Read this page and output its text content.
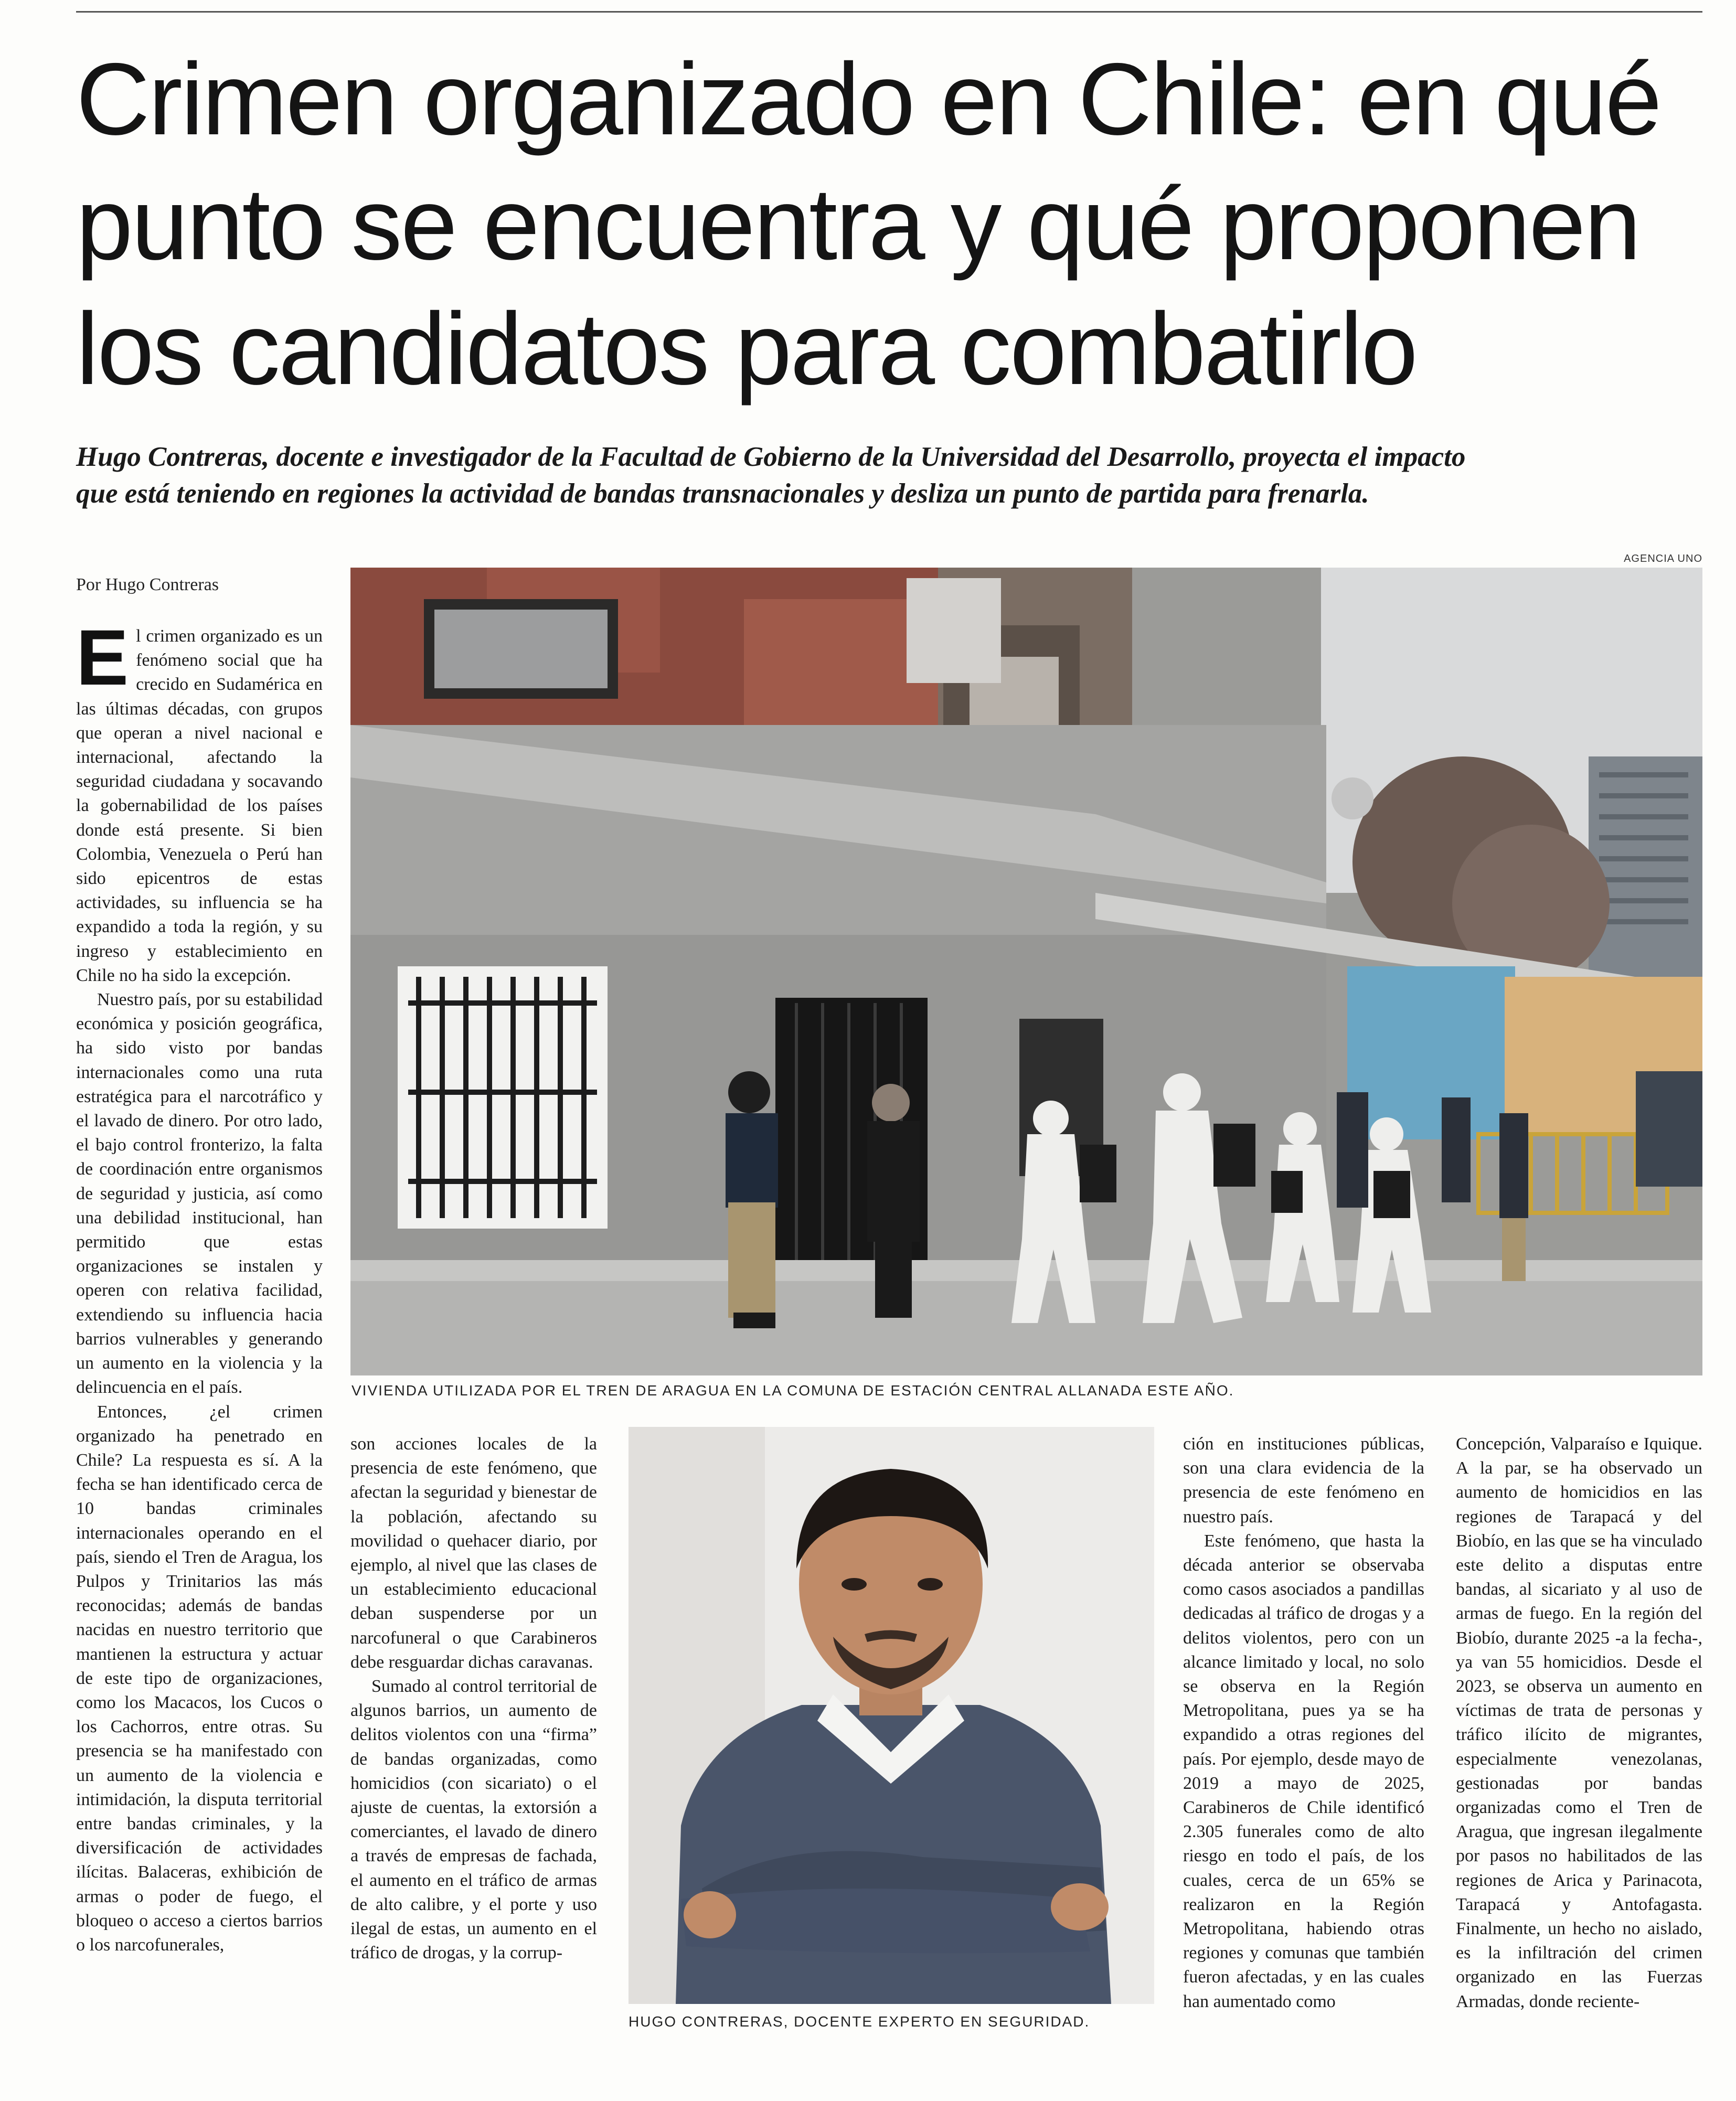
Crimen organizado en Chile: en qué
punto se encuentra y qué proponen
los candidatos para combatirlo
Hugo Contreras, docente e investigador de la Facultad de Gobierno de la Universidad del Desarrollo, proyecta el impacto
que está teniendo en regiones la actividad de bandas transnacionales y desliza un punto de partida para frenarla.

Por Hugo Contreras

AGENCIA UNO
VIVIENDA UTILIZADA POR EL TREN DE ARAGUA EN LA COMUNA DE ESTACIÓN CENTRAL ALLANADA ESTE AÑO.
HUGO CONTRERAS, DOCENTE EXPERTO EN SEGURIDAD.

El crimen organizado es un fenómeno social que ha crecido en Sudamérica en las últimas décadas, con grupos que operan a nivel nacional e internacional, afectando la seguridad ciudadana y socavando la gobernabilidad de los países donde está presente. Si bien Colombia, Venezuela o Perú han sido epicentros de estas actividades, su influencia se ha expandido a toda la región, y su ingreso y establecimiento en Chile no ha sido la excepción.

Nuestro país, por su estabilidad económica y posición geográfica, ha sido visto por bandas internacionales como una ruta estratégica para el narcotráfico y el lavado de dinero. Por otro lado, el bajo control fronterizo, la falta de coordinación entre organismos de seguridad y justicia, así como una debilidad institucional, han permitido que estas organizaciones se instalen y operen con relativa facilidad, extendiendo su influencia hacia barrios vulnerables y generando un aumento en la violencia y la delincuencia en el país.

Entonces, ¿el crimen organizado ha penetrado en Chile? La respuesta es sí. A la fecha se han identificado cerca de 10 bandas criminales internacionales operando en el país, siendo el Tren de Aragua, los Pulpos y Trinitarios las más reconocidas; además de bandas nacidas en nuestro territorio que mantienen la estructura y actuar de este tipo de organizaciones, como los Macacos, los Cucos o los Cachorros, entre otras. Su presencia se ha manifestado con un aumento de la violencia e intimidación, la disputa territorial entre bandas criminales, y la diversificación de actividades ilícitas. Balaceras, exhibición de armas o poder de fuego, el bloqueo o acceso a ciertos barrios o los narcofunerales,

son acciones locales de la presencia de este fenómeno, que afectan la seguridad y bienestar de la población, afectando su movilidad o quehacer diario, por ejemplo, al nivel que las clases de un establecimiento educacional deban suspenderse por un narcofuneral o que Carabineros debe resguardar dichas caravanas.

Sumado al control territorial de algunos barrios, un aumento de delitos violentos con una “firma” de bandas organizadas, como homicidios (con sicariato) o el ajuste de cuentas, la extorsión a comerciantes, el lavado de dinero a través de empresas de fachada, el aumento en el tráfico de armas de alto calibre, y el porte y uso ilegal de estas, un aumento en el tráfico de drogas, y la corrup-

ción en instituciones públicas, son una clara evidencia de la presencia de este fenómeno en nuestro país.

Este fenómeno, que hasta la década anterior se observaba como casos asociados a pandillas dedicadas al tráfico de drogas y a delitos violentos, pero con un alcance limitado y local, no solo se observa en la Región Metropolitana, pues ya se ha expandido a otras regiones del país. Por ejemplo, desde mayo de 2019 a mayo de 2025, Carabineros de Chile identificó 2.305 funerales como de alto riesgo en todo el país, de los cuales, cerca de un 65% se realizaron en la Región Metropolitana, habiendo otras regiones y comunas que también fueron afectadas, y en las cuales han aumentado como

Concepción, Valparaíso e Iquique. A la par, se ha observado un aumento de homicidios en las regiones de Tarapacá y del Biobío, en las que se ha vinculado este delito a disputas entre bandas, al sicariato y al uso de armas de fuego. En la región del Biobío, durante 2025 -a la fecha-, ya van 55 homicidios. Desde el 2023, se observa un aumento en víctimas de trata de personas y tráfico ilícito de migrantes, especialmente venezolanas, gestionadas por bandas organizadas como el Tren de Aragua, que ingresan ilegalmente por pasos no habilitados de las regiones de Arica y Parinacota, Tarapacá y Antofagasta. Finalmente, un hecho no aislado, es la infiltración del crimen organizado en las Fuerzas Armadas, donde reciente-
